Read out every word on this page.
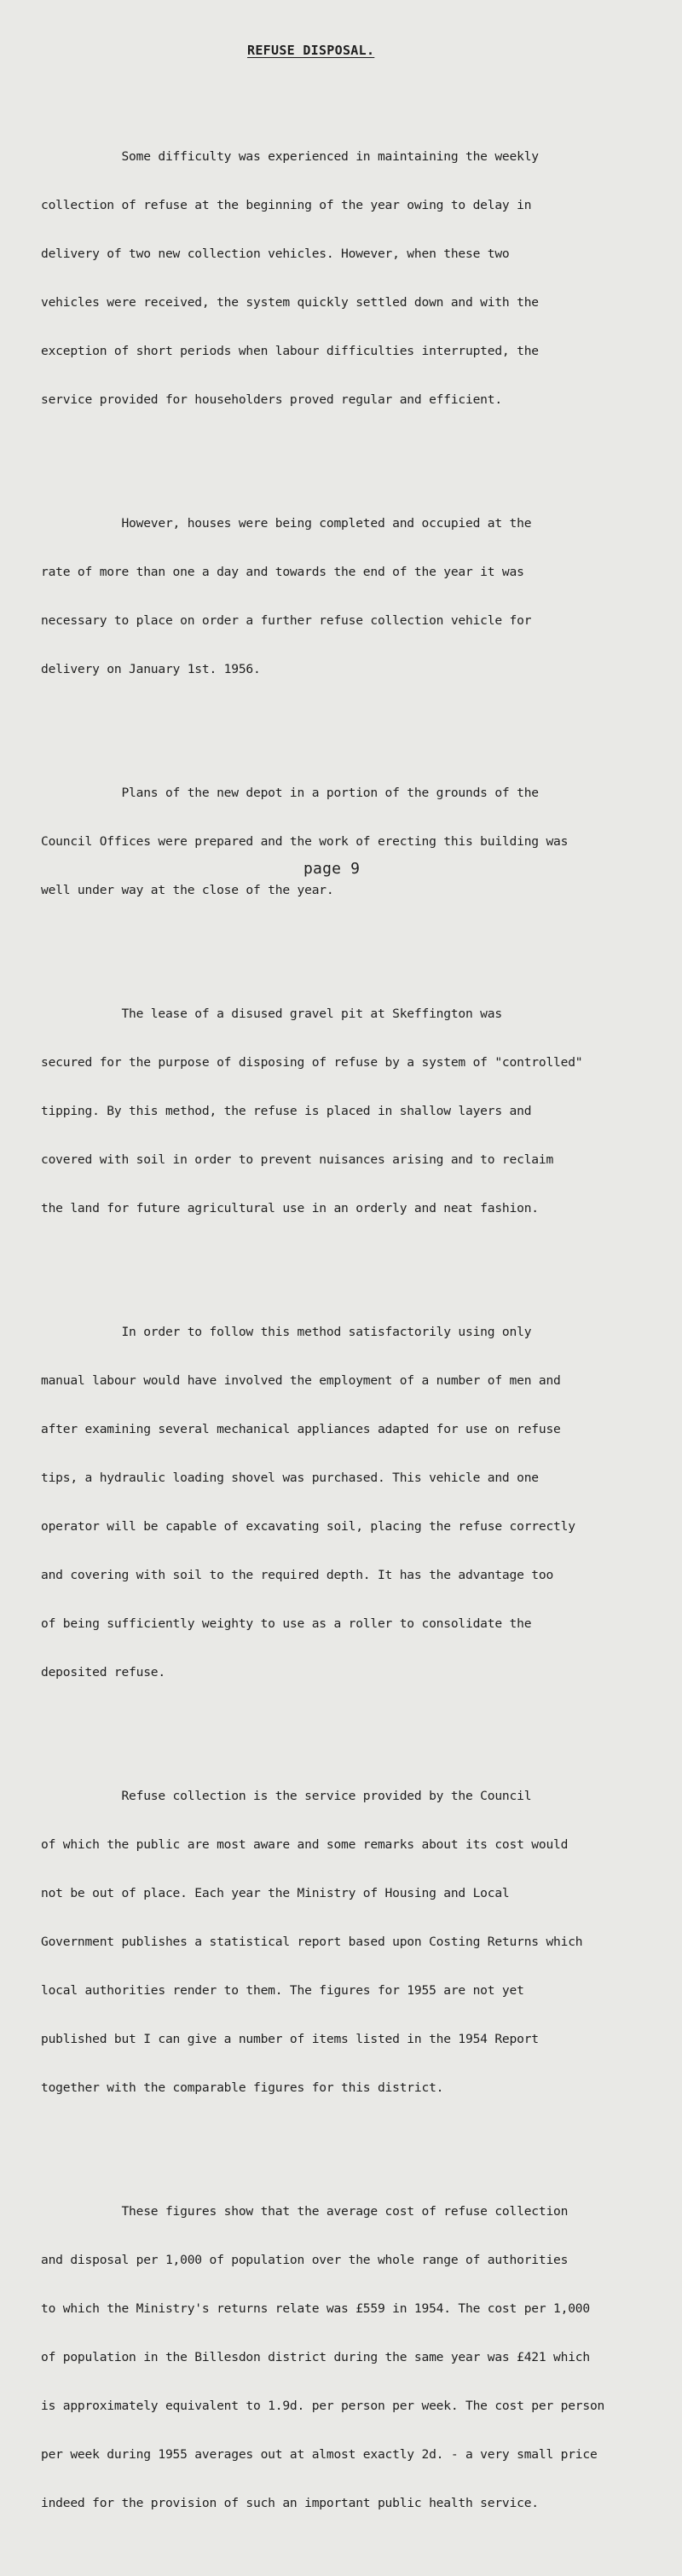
REFUSE DISPOSAL.

Some difficulty was experienced in maintaining the weekly

collection of refuse at the beginning of the year owing to delay in

delivery of two new collection vehicles. However, when these two

vehicles were received, the system quickly settled down and with the

exception of short periods when labour difficulties interrupted, the

service provided for householders proved regular and efficient.

However, houses were being completed and occupied at the

rate of more than one a day and towards the end of the year it was

necessary to place on order a further refuse collection vehicle for

delivery on January 1st. 1956.

Plans of the new depot in a portion of the grounds of the

Council Offices were prepared and the work of erecting this building was

well under way at the close of the year.

The lease of a disused gravel pit at Skeffington was

secured for the purpose of disposing of refuse by a system of "controlled"

tipping. By this method, the refuse is placed in shallow layers and

covered with soil in order to prevent nuisances arising and to reclaim

the land for future agricultural use in an orderly and neat fashion.

In order to follow this method satisfactorily using only

manual labour would have involved the employment of a number of men and

after examining several mechanical appliances adapted for use on refuse

tips, a hydraulic loading shovel was purchased. This vehicle and one

operator will be capable of excavating soil, placing the refuse correctly

and covering with soil to the required depth. It has the advantage too

of being sufficiently weighty to use as a roller to consolidate the

deposited refuse.

Refuse collection is the service provided by the Council

of which the public are most aware and some remarks about its cost would

not be out of place. Each year the Ministry of Housing and Local

Government publishes a statistical report based upon Costing Returns which

local authorities render to them. The figures for 1955 are not yet

published but I can give a number of items listed in the 1954 Report

together with the comparable figures for this district.

These figures show that the average cost of refuse collection

and disposal per 1,000 of population over the whole range of authorities

to which the Ministry's returns relate was £559 in 1954. The cost per 1,000

of population in the Billesdon district during the same year was £421 which

is approximately equivalent to 1.9d. per person per week. The cost per person

per week during 1955 averages out at almost exactly 2d. - a very small price

indeed for the provision of such an important public health service.

page 9
